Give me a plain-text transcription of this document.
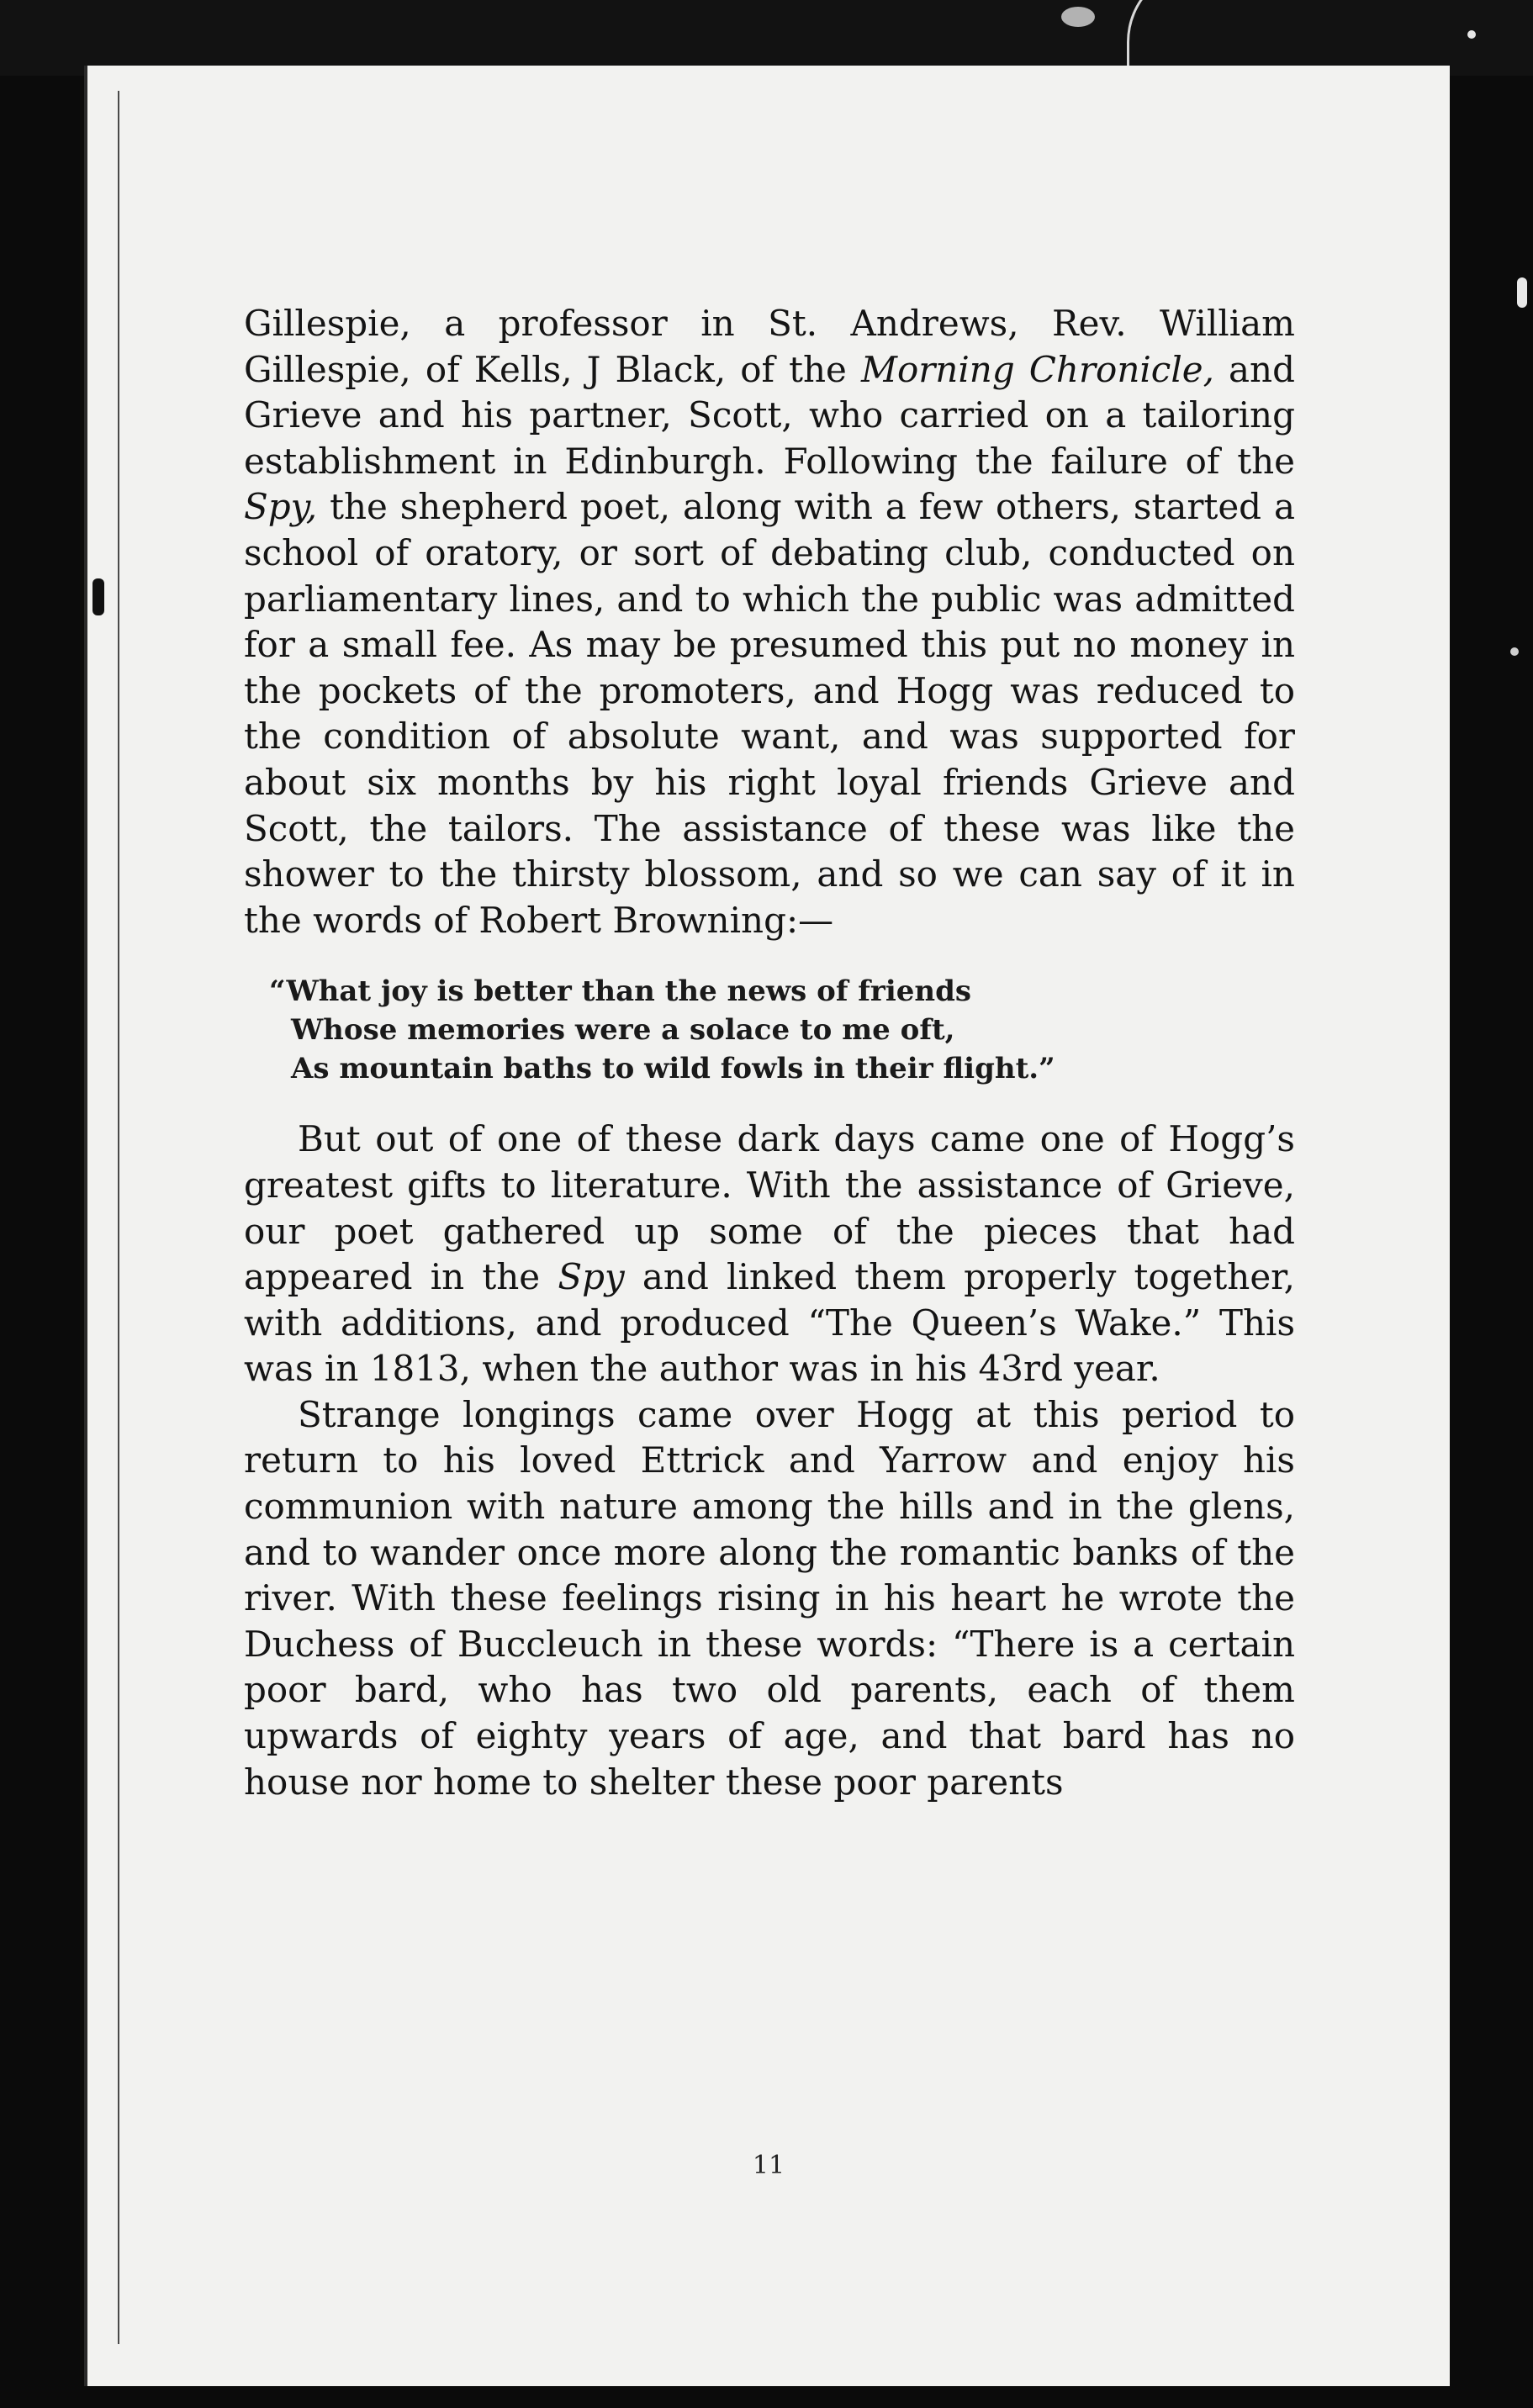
Gillespie, a professor in St. Andrews, Rev. William Gillespie, of Kells, J Black, of the Morning Chronicle, and Grieve and his partner, Scott, who carried on a tailoring establishment in Edinburgh. Following the failure of the Spy, the shepherd poet, along with a few others, started a school of oratory, or sort of debating club, conducted on parliamentary lines, and to which the public was admitted for a small fee. As may be presumed this put no money in the pockets of the promoters, and Hogg was reduced to the condition of absolute want, and was supported for about six months by his right loyal friends Grieve and Scott, the tailors. The assistance of these was like the shower to the thirsty blossom, and so we can say of it in the words of Robert Browning:—

“What joy is better than the news of friends
Whose memories were a solace to me oft,
As mountain baths to wild fowls in their flight.”

But out of one of these dark days came one of Hogg’s greatest gifts to literature. With the assistance of Grieve, our poet gathered up some of the pieces that had appeared in the Spy and linked them properly together, with additions, and produced “The Queen’s Wake.” This was in 1813, when the author was in his 43rd year.

Strange longings came over Hogg at this period to return to his loved Ettrick and Yarrow and enjoy his communion with nature among the hills and in the glens, and to wander once more along the romantic banks of the river. With these feelings rising in his heart he wrote the Duchess of Buccleuch in these words: “There is a certain poor bard, who has two old parents, each of them upwards of eighty years of age, and that bard has no house nor home to shelter these poor parents

11
